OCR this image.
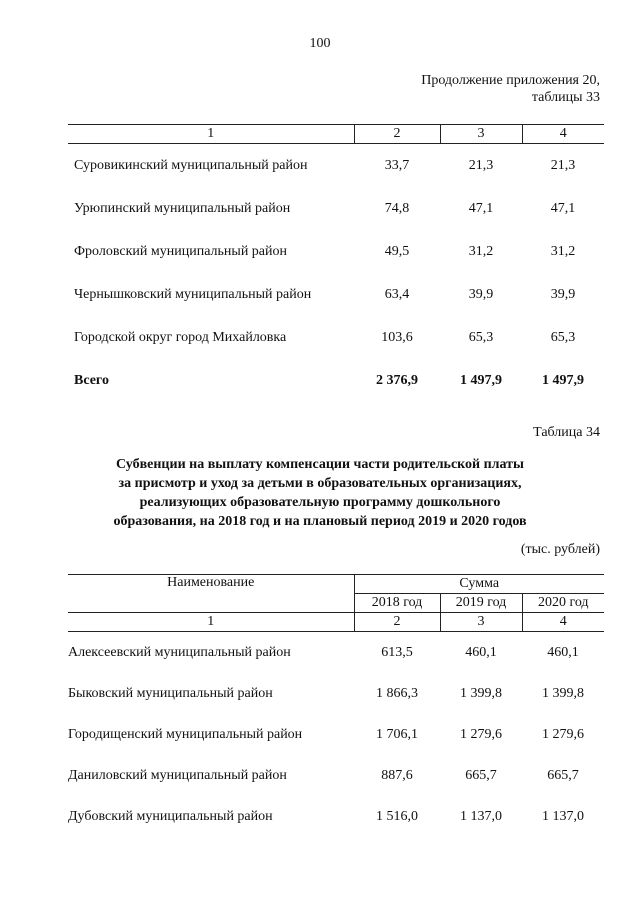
100
Продолжение приложения 20,
таблицы 33
1	2	3	4
Суровикинский муниципальный район	33,7	21,3	21,3
Урюпинский муниципальный район	74,8	47,1	47,1
Фроловский муниципальный район	49,5	31,2	31,2
Чернышковский муниципальный район	63,4	39,9	39,9
Городской округ город Михайловка	103,6	65,3	65,3
Всего	2 376,9	1 497,9	1 497,9
Таблица 34
Субвенции на выплату компенсации части родительской платы
за присмотр и уход за детьми в образовательных организациях,
реализующих образовательную программу дошкольного
образования, на 2018 год и на плановый период 2019 и 2020 годов
(тыс. рублей)
Наименование	Сумма		
	2018 год	2019 год	2020 год
1	2	3	4
Алексеевский муниципальный район	613,5	460,1	460,1
Быковский муниципальный район	1 866,3	1 399,8	1 399,8
Городищенский муниципальный район	1 706,1	1 279,6	1 279,6
Даниловский муниципальный район	887,6	665,7	665,7
Дубовский муниципальный район	1 516,0	1 137,0	1 137,0
